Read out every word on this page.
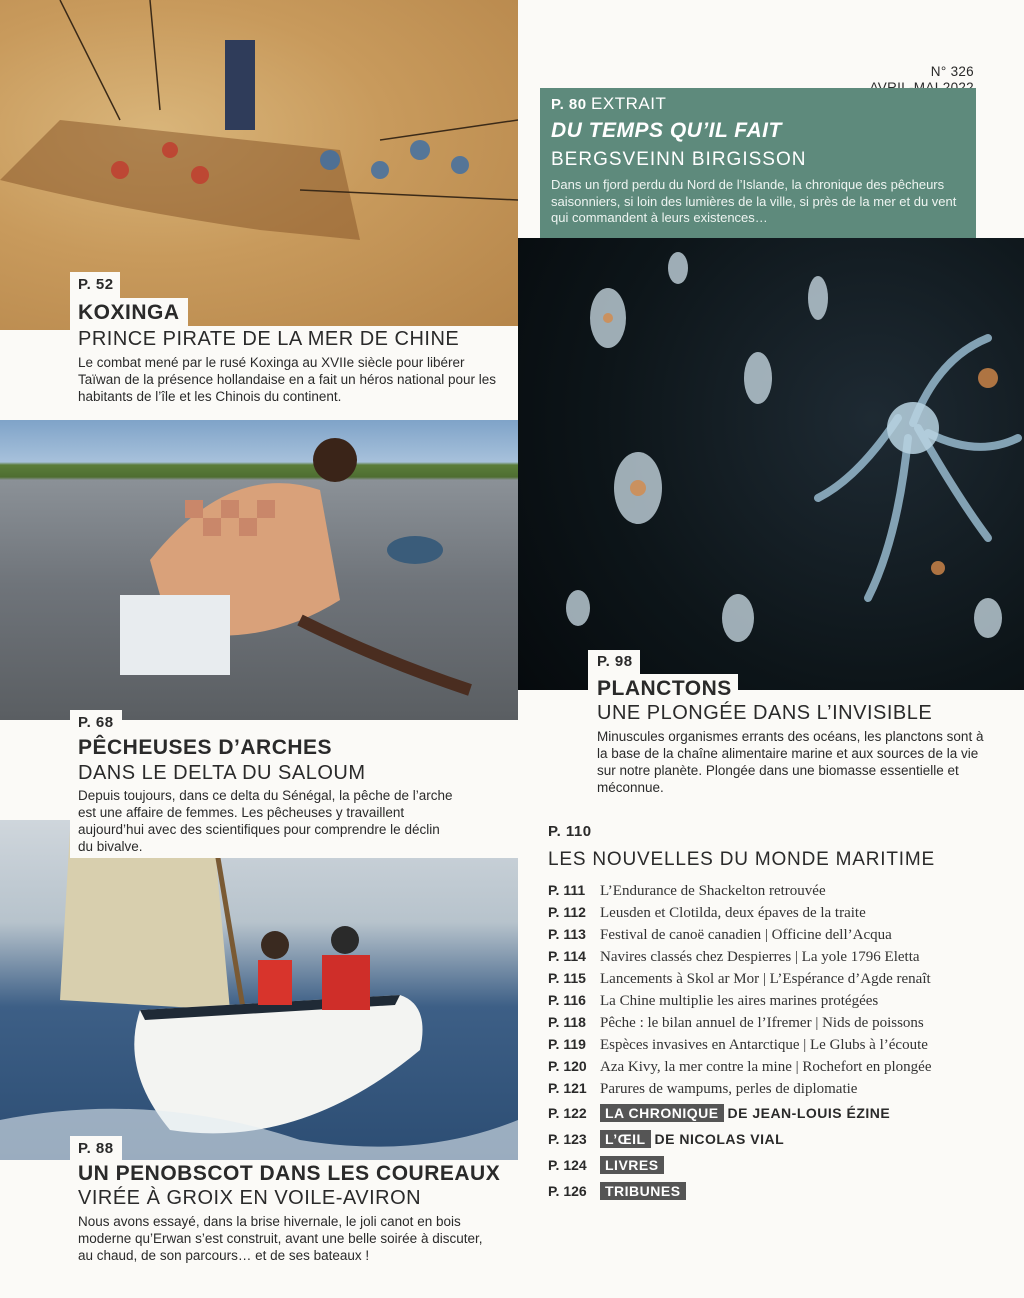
N° 326
P. 80 EXTRAIT
DU TEMPS QU’IL FAIT
BERGSVEINN BIRGISSON
Dans un fjord perdu du Nord de l’Islande, la chronique des pêcheurs saisonniers, si loin des lumières de la ville, si près de la mer et du vent qui commandent à leurs existences…
P. 52
KOXINGA
PRINCE PIRATE DE LA MER DE CHINE
Le combat mené par le rusé Koxinga au XVIIe siècle pour libérer Taïwan de la présence hollandaise en a fait un héros national pour les habitants de l’île et les Chinois du continent.
P. 98
PLANCTONS
UNE PLONGÉE DANS L’INVISIBLE
Minuscules organismes errants des océans, les planctons sont à la base de la chaîne alimentaire marine et aux sources de la vie sur notre planète. Plongée dans une biomasse essentielle et méconnue.
P. 68
PÊCHEUSES D’ARCHES
DANS LE DELTA DU SALOUM
Depuis toujours, dans ce delta du Sénégal, la pêche de l’arche est une affaire de femmes. Les pêcheuses y travaillent aujourd’hui avec des scientifiques pour comprendre le déclin du bivalve.
P. 88
UN PENOBSCOT DANS LES COUREAUX
VIRÉE À GROIX EN VOILE-AVIRON
Nous avons essayé, dans la brise hivernale, le joli canot en bois moderne qu’Erwan s’est construit, avant une belle soirée à discuter, au chaud, de son parcours… et de ses bateaux !
P. 110
LES NOUVELLES DU MONDE MARITIME
P. 111 L’Endurance de Shackelton retrouvée
P. 112 Leusden et Clotilda, deux épaves de la traite
P. 113 Festival de canoë canadien | Officine dell’Acqua
P. 114 Navires classés chez Despierres | La yole 1796 Eletta
P. 115 Lancements à Skol ar Mor | L’Espérance d’Agde renaît
P. 116 La Chine multiplie les aires marines protégées
P. 118 Pêche : le bilan annuel de l’Ifremer | Nids de poissons
P. 119 Espèces invasives en Antarctique | Le Glubs à l’écoute
P. 120 Aza Kivy, la mer contre la mine | Rochefort en plongée
P. 121 Parures de wampums, perles de diplomatie
P. 122 LA CHRONIQUE DE JEAN-LOUIS ÉZINE
P. 123 L’ŒIL DE NICOLAS VIAL
P. 124 LIVRES
P. 126 TRIBUNES
